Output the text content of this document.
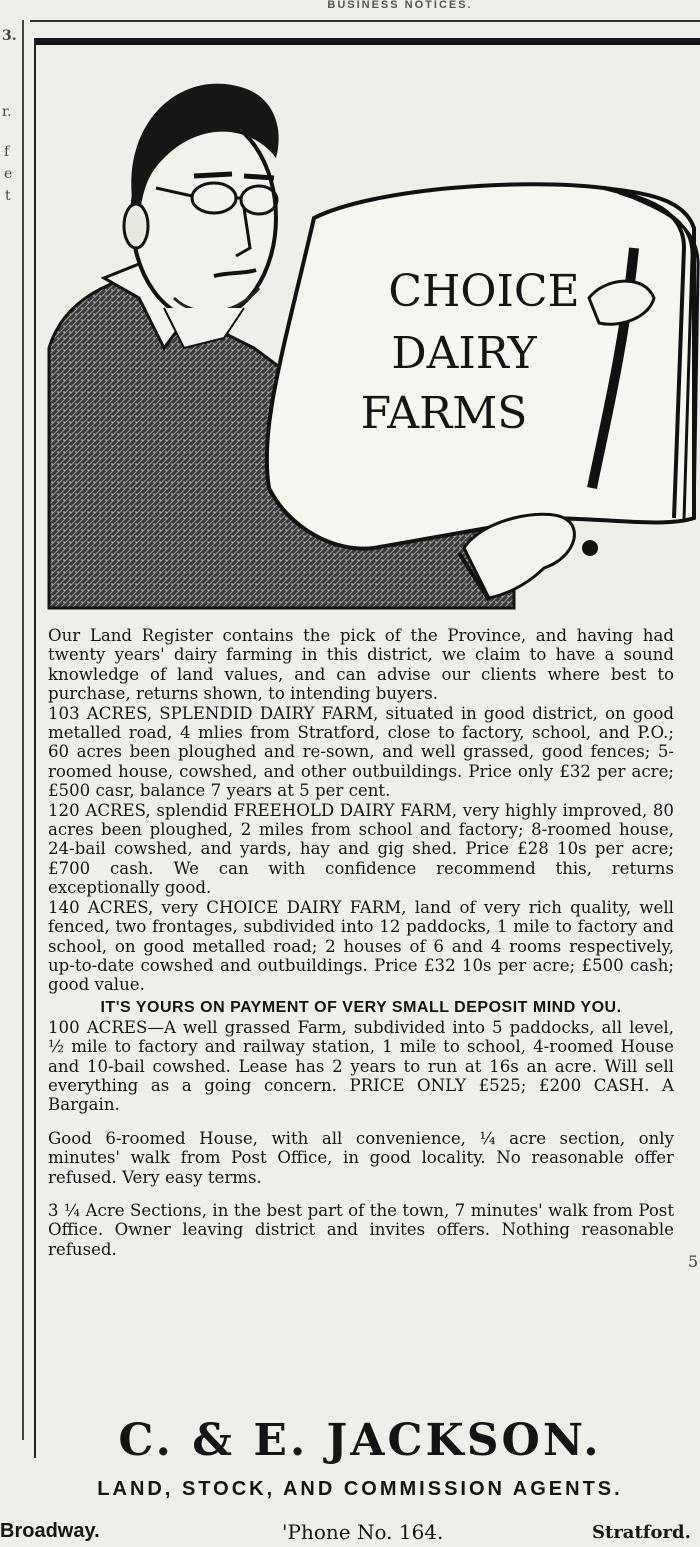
BUSINESS NOTICES.
3.
r.
f
e
t
CHOICE
DAIRY
FARMS

Our Land Register contains the pick of the Province, and having had twenty years' dairy farming in this district, we claim to have a sound knowledge of land values, and can advise our clients where best to purchase, returns shown, to intending buyers.

103 ACRES, SPLENDID DAIRY FARM, situated in good district, on good metalled road, 4 mlies from Stratford, close to factory, school, and P.O.; 60 acres been ploughed and re-sown, and well grassed, good fences; 5-roomed house, cowshed, and other outbuildings. Price only £32 per acre; £500 casr, balance 7 years at 5 per cent.

120 ACRES, splendid FREEHOLD DAIRY FARM, very highly improved, 80 acres been ploughed, 2 miles from school and factory; 8-roomed house, 24-bail cowshed, and yards, hay and gig shed. Price £28 10s per acre; £700 cash. We can with confidence recommend this, returns exceptionally good.

140 ACRES, very CHOICE DAIRY FARM, land of very rich quality, well fenced, two frontages, subdivided into 12 paddocks, 1 mile to factory and school, on good metalled road; 2 houses of 6 and 4 rooms respectively, up-to-date cowshed and outbuildings. Price £32 10s per acre; £500 cash; good value.

IT'S YOURS ON PAYMENT OF VERY SMALL DEPOSIT MIND YOU.

100 ACRES—A well grassed Farm, subdivided into 5 paddocks, all level, ½ mile to factory and railway station, 1 mile to school, 4-roomed House and 10-bail cowshed. Lease has 2 years to run at 16s an acre. Will sell everything as a going concern. PRICE ONLY £525; £200 CASH. A Bargain.

Good 6-roomed House, with all convenience, ¼ acre section, only minutes' walk from Post Office, in good locality. No reasonable offer refused. Very easy terms.

3 ¼ Acre Sections, in the best part of the town, 7 minutes' walk from Post Office. Owner leaving district and invites offers. Nothing reasonable refused.

5
C. & E. JACKSON.
LAND, STOCK, AND COMMISSION AGENTS.
Broadway.	'Phone No. 164.	Stratford.
